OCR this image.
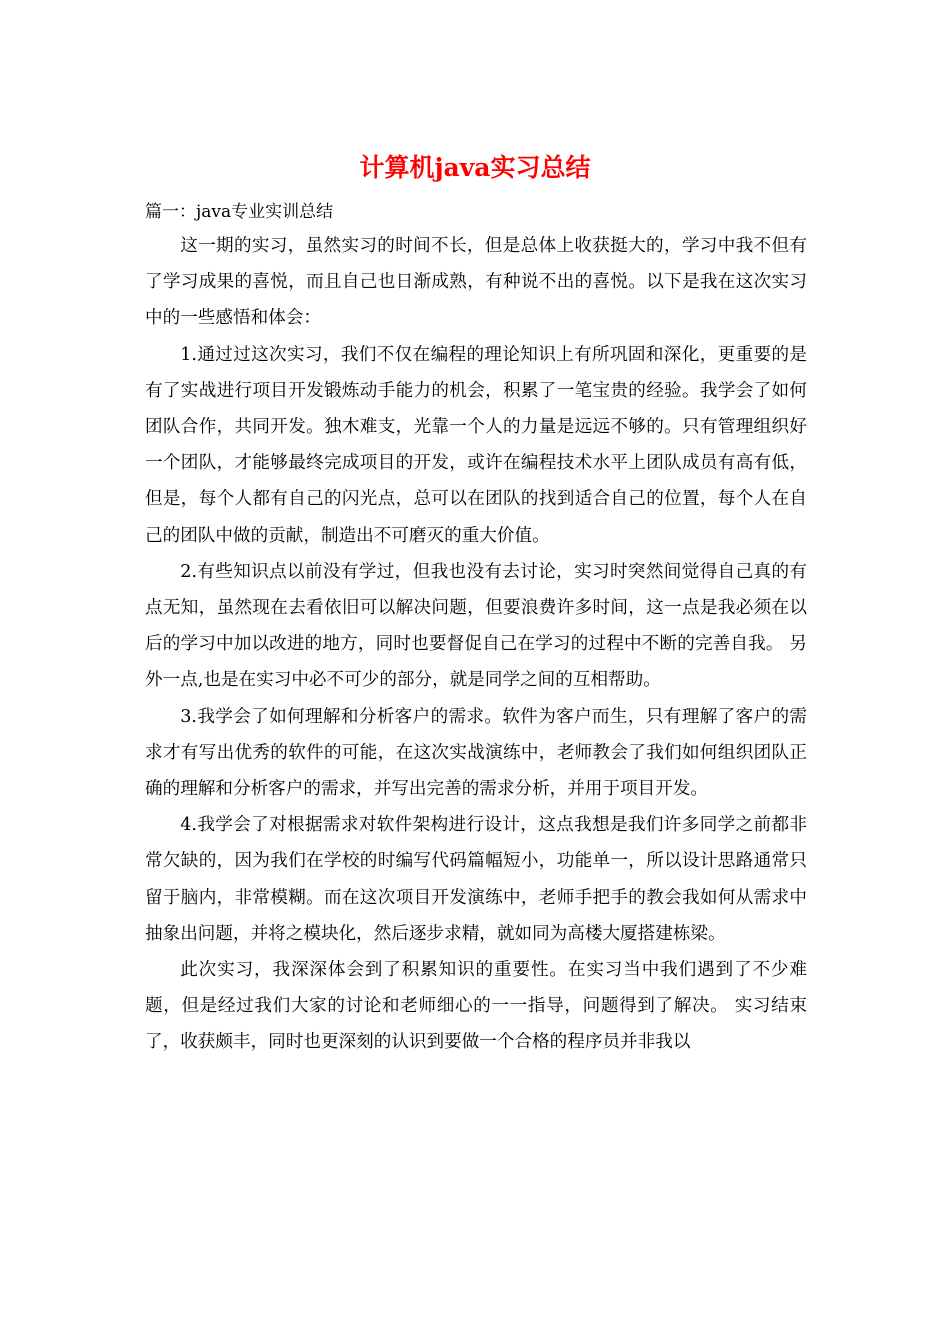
计算机java实习总结

篇一：java专业实训总结

这一期的实习，虽然实习的时间不长，但是总体上收获挺大的，学习中我不但有了学习成果的喜悦，而且自己也日渐成熟，有种说不出的喜悦。以下是我在这次实习中的一些感悟和体会：

1.通过过这次实习，我们不仅在编程的理论知识上有所巩固和深化，更重要的是有了实战进行项目开发锻炼动手能力的机会，积累了一笔宝贵的经验。我学会了如何团队合作，共同开发。独木难支，光靠一个人的力量是远远不够的。只有管理组织好一个团队，才能够最终完成项目的开发，或许在编程技术水平上团队成员有高有低，但是，每个人都有自己的闪光点，总可以在团队的找到适合自己的位置，每个人在自己的团队中做的贡献，制造出不可磨灭的重大价值。

2.有些知识点以前没有学过，但我也没有去讨论，实习时突然间觉得自己真的有点无知，虽然现在去看依旧可以解决问题，但要浪费许多时间，这一点是我必须在以后的学习中加以改进的地方，同时也要督促自己在学习的过程中不断的完善自我。 另外一点,也是在实习中必不可少的部分，就是同学之间的互相帮助。

3.我学会了如何理解和分析客户的需求。软件为客户而生，只有理解了客户的需求才有写出优秀的软件的可能，在这次实战演练中，老师教会了我们如何组织团队正确的理解和分析客户的需求，并写出完善的需求分析，并用于项目开发。

4.我学会了对根据需求对软件架构进行设计，这点我想是我们许多同学之前都非常欠缺的，因为我们在学校的时编写代码篇幅短小，功能单一，所以设计思路通常只留于脑内，非常模糊。而在这次项目开发演练中，老师手把手的教会我如何从需求中抽象出问题，并将之模块化，然后逐步求精，就如同为高楼大厦搭建栋梁。

此次实习，我深深体会到了积累知识的重要性。在实习当中我们遇到了不少难题，但是经过我们大家的讨论和老师细心的一一指导，问题得到了解决。 实习结束了，收获颇丰，同时也更深刻的认识到要做一个合格的程序员并非我以
